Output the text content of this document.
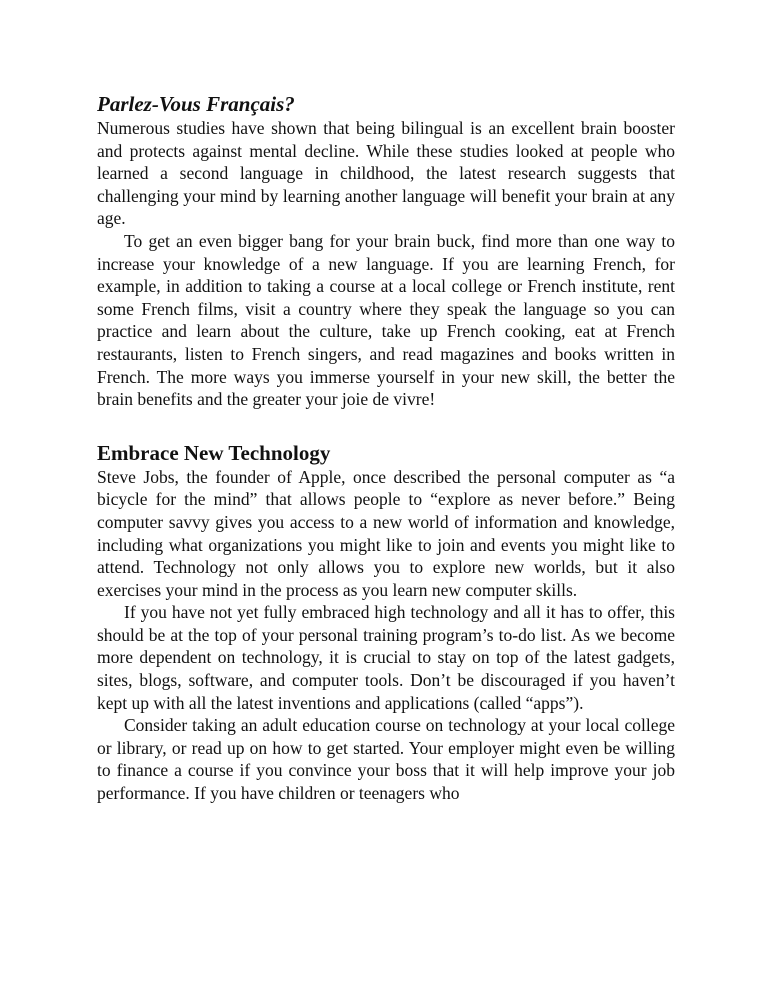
Parlez-Vous Français?

Numerous studies have shown that being bilingual is an excellent brain booster and protects against mental decline. While these studies looked at people who learned a second language in childhood, the latest research suggests that challenging your mind by learning another language will benefit your brain at any age.

To get an even bigger bang for your brain buck, find more than one way to increase your knowledge of a new language. If you are learning French, for example, in addition to taking a course at a local college or French institute, rent some French films, visit a country where they speak the language so you can practice and learn about the culture, take up French cooking, eat at French restaurants, listen to French singers, and read magazines and books written in French. The more ways you immerse yourself in your new skill, the better the brain benefits and the greater your joie de vivre!

Embrace New Technology

Steve Jobs, the founder of Apple, once described the personal computer as “a bicycle for the mind” that allows people to “explore as never before.” Being computer savvy gives you access to a new world of information and knowledge, including what organizations you might like to join and events you might like to attend. Technology not only allows you to explore new worlds, but it also exercises your mind in the process as you learn new computer skills.

If you have not yet fully embraced high technology and all it has to offer, this should be at the top of your personal training program’s to-do list. As we become more dependent on technology, it is crucial to stay on top of the latest gadgets, sites, blogs, software, and computer tools. Don’t be discouraged if you haven’t kept up with all the latest inventions and applications (called “apps”).

Consider taking an adult education course on technology at your local college or library, or read up on how to get started. Your employer might even be willing to finance a course if you convince your boss that it will help improve your job performance. If you have children or teenagers who
